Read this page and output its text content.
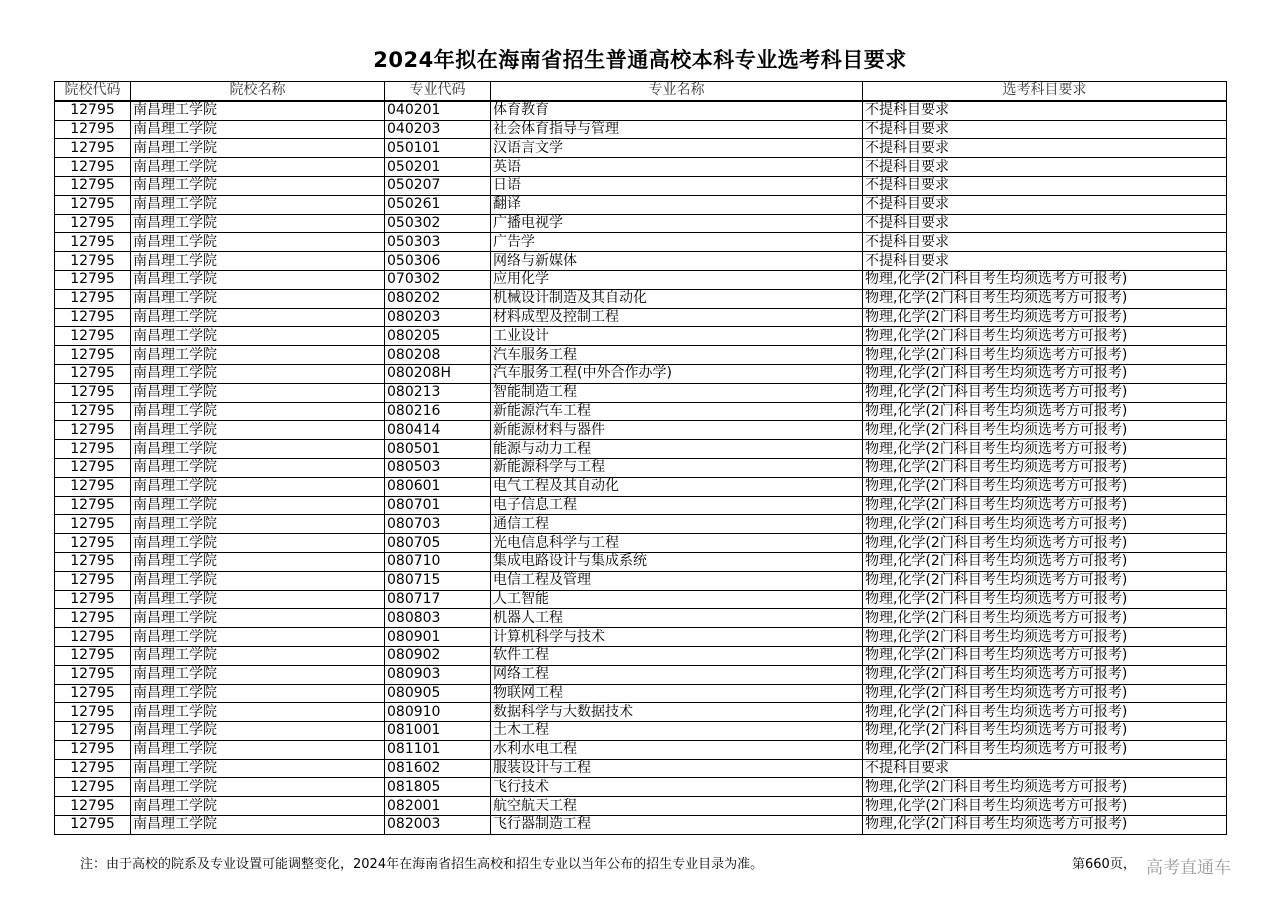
2024年拟在海南省招生普通高校本科专业选考科目要求
院校代码	院校名称	专业代码	专业名称	选考科目要求
12795	南昌理工学院	040201	体育教育	不提科目要求
12795	南昌理工学院	040203	社会体育指导与管理	不提科目要求
12795	南昌理工学院	050101	汉语言文学	不提科目要求
12795	南昌理工学院	050201	英语	不提科目要求
12795	南昌理工学院	050207	日语	不提科目要求
12795	南昌理工学院	050261	翻译	不提科目要求
12795	南昌理工学院	050302	广播电视学	不提科目要求
12795	南昌理工学院	050303	广告学	不提科目要求
12795	南昌理工学院	050306	网络与新媒体	不提科目要求
12795	南昌理工学院	070302	应用化学	物理,化学(2门科目考生均须选考方可报考)
12795	南昌理工学院	080202	机械设计制造及其自动化	物理,化学(2门科目考生均须选考方可报考)
12795	南昌理工学院	080203	材料成型及控制工程	物理,化学(2门科目考生均须选考方可报考)
12795	南昌理工学院	080205	工业设计	物理,化学(2门科目考生均须选考方可报考)
12795	南昌理工学院	080208	汽车服务工程	物理,化学(2门科目考生均须选考方可报考)
12795	南昌理工学院	080208H	汽车服务工程(中外合作办学)	物理,化学(2门科目考生均须选考方可报考)
12795	南昌理工学院	080213	智能制造工程	物理,化学(2门科目考生均须选考方可报考)
12795	南昌理工学院	080216	新能源汽车工程	物理,化学(2门科目考生均须选考方可报考)
12795	南昌理工学院	080414	新能源材料与器件	物理,化学(2门科目考生均须选考方可报考)
12795	南昌理工学院	080501	能源与动力工程	物理,化学(2门科目考生均须选考方可报考)
12795	南昌理工学院	080503	新能源科学与工程	物理,化学(2门科目考生均须选考方可报考)
12795	南昌理工学院	080601	电气工程及其自动化	物理,化学(2门科目考生均须选考方可报考)
12795	南昌理工学院	080701	电子信息工程	物理,化学(2门科目考生均须选考方可报考)
12795	南昌理工学院	080703	通信工程	物理,化学(2门科目考生均须选考方可报考)
12795	南昌理工学院	080705	光电信息科学与工程	物理,化学(2门科目考生均须选考方可报考)
12795	南昌理工学院	080710	集成电路设计与集成系统	物理,化学(2门科目考生均须选考方可报考)
12795	南昌理工学院	080715	电信工程及管理	物理,化学(2门科目考生均须选考方可报考)
12795	南昌理工学院	080717	人工智能	物理,化学(2门科目考生均须选考方可报考)
12795	南昌理工学院	080803	机器人工程	物理,化学(2门科目考生均须选考方可报考)
12795	南昌理工学院	080901	计算机科学与技术	物理,化学(2门科目考生均须选考方可报考)
12795	南昌理工学院	080902	软件工程	物理,化学(2门科目考生均须选考方可报考)
12795	南昌理工学院	080903	网络工程	物理,化学(2门科目考生均须选考方可报考)
12795	南昌理工学院	080905	物联网工程	物理,化学(2门科目考生均须选考方可报考)
12795	南昌理工学院	080910	数据科学与大数据技术	物理,化学(2门科目考生均须选考方可报考)
12795	南昌理工学院	081001	土木工程	物理,化学(2门科目考生均须选考方可报考)
12795	南昌理工学院	081101	水利水电工程	物理,化学(2门科目考生均须选考方可报考)
12795	南昌理工学院	081602	服装设计与工程	不提科目要求
12795	南昌理工学院	081805	飞行技术	物理,化学(2门科目考生均须选考方可报考)
12795	南昌理工学院	082001	航空航天工程	物理,化学(2门科目考生均须选考方可报考)
12795	南昌理工学院	082003	飞行器制造工程	物理,化学(2门科目考生均须选考方可报考)
注：由于高校的院系及专业设置可能调整变化，2024年在海南省招生高校和招生专业以当年公布的招生专业目录为准。	第660页， 高考直通车
